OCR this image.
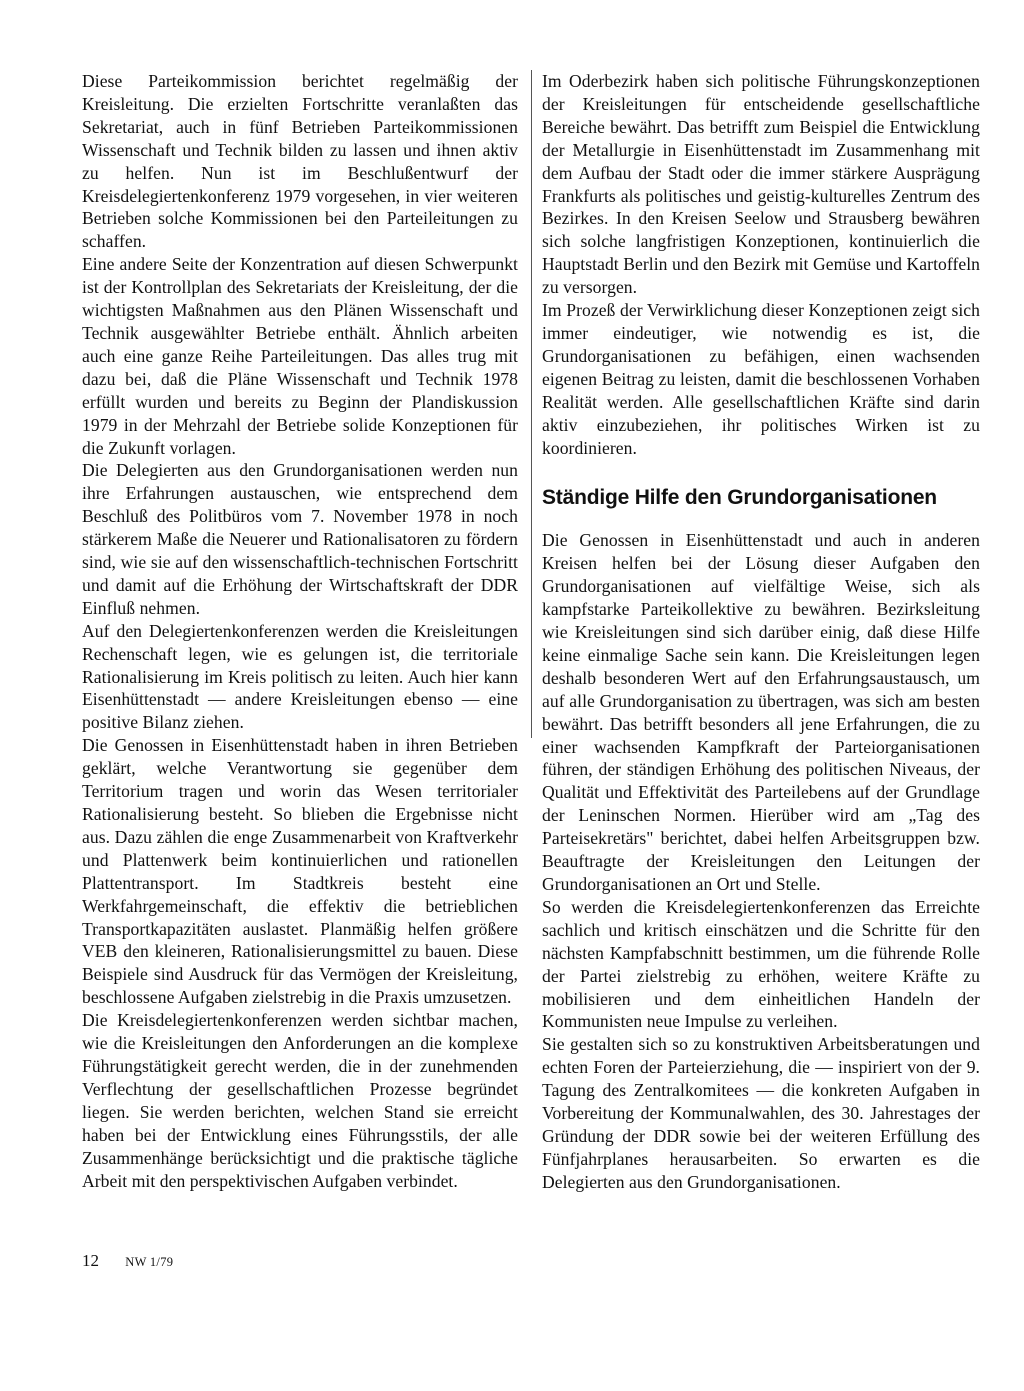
Diese Parteikommission berichtet regelmäßig der Kreisleitung. Die erzielten Fortschritte veranlaßten das Sekretariat, auch in fünf Betrieben Parteikommissionen Wissenschaft und Technik bilden zu lassen und ihnen aktiv zu helfen. Nun ist im Beschlußentwurf der Kreisdelegiertenkonferenz 1979 vorgesehen, in vier weiteren Betrieben solche Kommissionen bei den Parteileitungen zu schaffen.

Eine andere Seite der Konzentration auf diesen Schwerpunkt ist der Kontrollplan des Sekretariats der Kreisleitung, der die wichtigsten Maßnahmen aus den Plänen Wissenschaft und Technik ausgewählter Betriebe enthält. Ähnlich arbeiten auch eine ganze Reihe Parteileitungen. Das alles trug mit dazu bei, daß die Pläne Wissenschaft und Technik 1978 erfüllt wurden und bereits zu Beginn der Plandiskussion 1979 in der Mehrzahl der Betriebe solide Konzeptionen für die Zukunft vorlagen.

Die Delegierten aus den Grundorganisationen werden nun ihre Erfahrungen austauschen, wie entsprechend dem Beschluß des Politbüros vom 7. November 1978 in noch stärkerem Maße die Neuerer und Rationalisatoren zu fördern sind, wie sie auf den wissenschaftlich-technischen Fortschritt und damit auf die Erhöhung der Wirtschaftskraft der DDR Einfluß nehmen.

Auf den Delegiertenkonferenzen werden die Kreisleitungen Rechenschaft legen, wie es gelungen ist, die territoriale Rationalisierung im Kreis politisch zu leiten. Auch hier kann Eisenhüttenstadt — andere Kreisleitungen ebenso — eine positive Bilanz ziehen.

Die Genossen in Eisenhüttenstadt haben in ihren Betrieben geklärt, welche Verantwortung sie gegenüber dem Territorium tragen und worin das Wesen territorialer Rationalisierung besteht. So blieben die Ergebnisse nicht aus. Dazu zählen die enge Zusammenarbeit von Kraftverkehr und Plattenwerk beim kontinuierlichen und rationellen Plattentransport. Im Stadtkreis besteht eine Werkfahrgemeinschaft, die effektiv die betrieblichen Transportkapazitäten auslastet. Planmäßig helfen größere VEB den kleineren, Rationalisierungsmittel zu bauen. Diese Beispiele sind Ausdruck für das Vermögen der Kreisleitung, beschlossene Aufgaben zielstrebig in die Praxis umzusetzen.

Die Kreisdelegiertenkonferenzen werden sichtbar machen, wie die Kreisleitungen den Anforderungen an die komplexe Führungstätigkeit gerecht werden, die in der zunehmenden Verflechtung der gesellschaftlichen Prozesse begründet liegen. Sie werden berichten, welchen Stand sie erreicht haben bei der Entwicklung eines Führungsstils, der alle Zusammenhänge berücksichtigt und die praktische tägliche Arbeit mit den perspektivischen Aufgaben verbindet.

Im Oderbezirk haben sich politische Führungskonzeptionen der Kreisleitungen für entscheidende gesellschaftliche Bereiche bewährt. Das betrifft zum Beispiel die Entwicklung der Metallurgie in Eisenhüttenstadt im Zusammenhang mit dem Aufbau der Stadt oder die immer stärkere Ausprägung Frankfurts als politisches und geistig-kulturelles Zentrum des Bezirkes. In den Kreisen Seelow und Strausberg bewähren sich solche langfristigen Konzeptionen, kontinuierlich die Hauptstadt Berlin und den Bezirk mit Gemüse und Kartoffeln zu versorgen.

Im Prozeß der Verwirklichung dieser Konzeptionen zeigt sich immer eindeutiger, wie notwendig es ist, die Grundorganisationen zu befähigen, einen wachsenden eigenen Beitrag zu leisten, damit die beschlossenen Vorhaben Realität werden. Alle gesellschaftlichen Kräfte sind darin aktiv einzubeziehen, ihr politisches Wirken ist zu koordinieren.

Ständige Hilfe den Grundorganisationen

Die Genossen in Eisenhüttenstadt und auch in anderen Kreisen helfen bei der Lösung dieser Aufgaben den Grundorganisationen auf vielfältige Weise, sich als kampfstarke Parteikollektive zu bewähren. Bezirksleitung wie Kreisleitungen sind sich darüber einig, daß diese Hilfe keine einmalige Sache sein kann. Die Kreisleitungen legen deshalb besonderen Wert auf den Erfahrungsaustausch, um auf alle Grundorganisation zu übertragen, was sich am besten bewährt. Das betrifft besonders all jene Erfahrungen, die zu einer wachsenden Kampfkraft der Parteiorganisationen führen, der ständigen Erhöhung des politischen Niveaus, der Qualität und Effektivität des Parteilebens auf der Grundlage der Leninschen Normen. Hierüber wird am „Tag des Parteisekretärs" berichtet, dabei helfen Arbeitsgruppen bzw. Beauftragte der Kreisleitungen den Leitungen der Grundorganisationen an Ort und Stelle.

So werden die Kreisdelegiertenkonferenzen das Erreichte sachlich und kritisch einschätzen und die Schritte für den nächsten Kampfabschnitt bestimmen, um die führende Rolle der Partei zielstrebig zu erhöhen, weitere Kräfte zu mobilisieren und dem einheitlichen Handeln der Kommunisten neue Impulse zu verleihen.

Sie gestalten sich so zu konstruktiven Arbeitsberatungen und echten Foren der Parteierziehung, die — inspiriert von der 9. Tagung des Zentralkomitees — die konkreten Aufgaben in Vorbereitung der Kommunalwahlen, des 30. Jahrestages der Gründung der DDR sowie bei der weiteren Erfüllung des Fünfjahrplanes herausarbeiten. So erwarten es die Delegierten aus den Grundorganisationen.

12 NW 1/79
